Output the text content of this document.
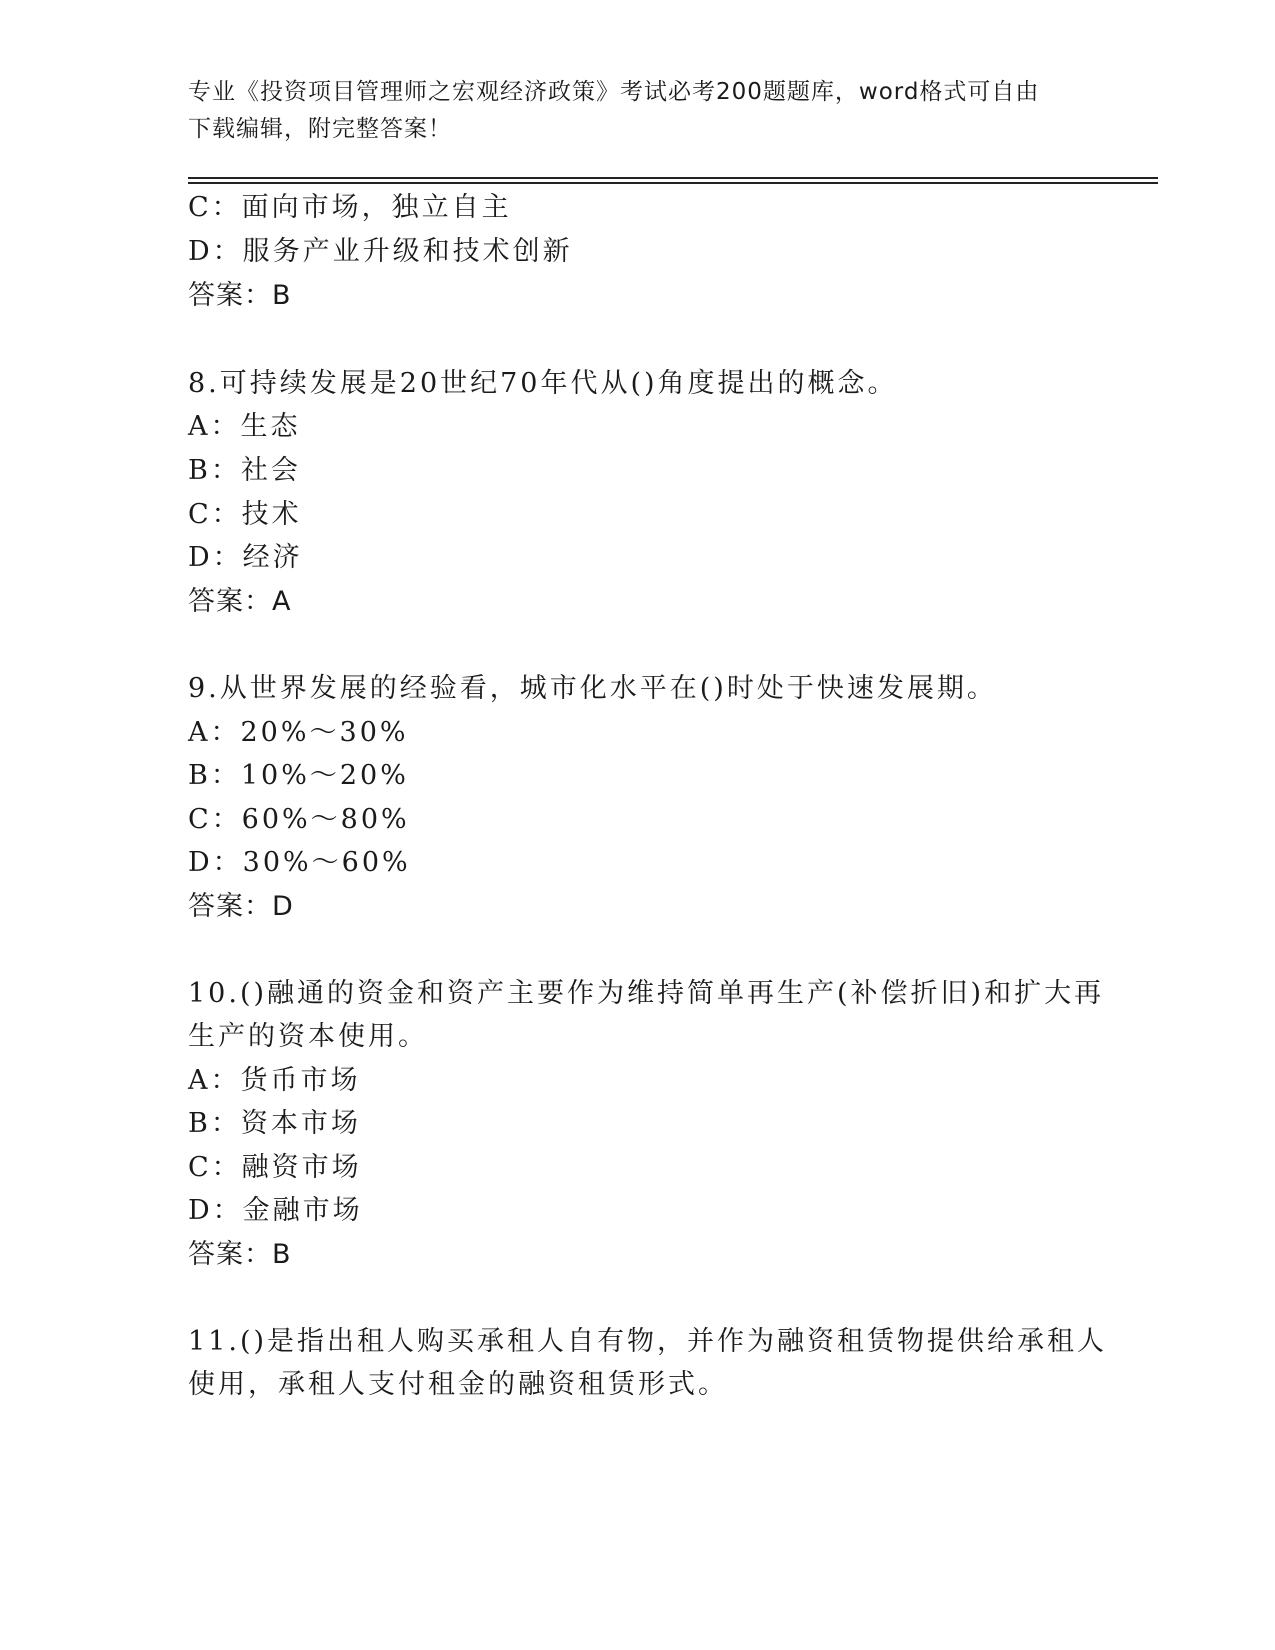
专业《投资项目管理师之宏观经济政策》考试必考200题题库，word格式可自由
下载编辑，附完整答案！
C：面向市场，独立自主
D：服务产业升级和技术创新
答案：B
8.可持续发展是20世纪70年代从()角度提出的概念。
A：生态
B：社会
C：技术
D：经济
答案：A
9.从世界发展的经验看，城市化水平在()时处于快速发展期。
A：20%～30%
B：10%～20%
C：60%～80%
D：30%～60%
答案：D
10.()融通的资金和资产主要作为维持简单再生产(补偿折旧)和扩大再
生产的资本使用。
A：货币市场
B：资本市场
C：融资市场
D：金融市场
答案：B
11.()是指出租人购买承租人自有物，并作为融资租赁物提供给承租人
使用，承租人支付租金的融资租赁形式。
